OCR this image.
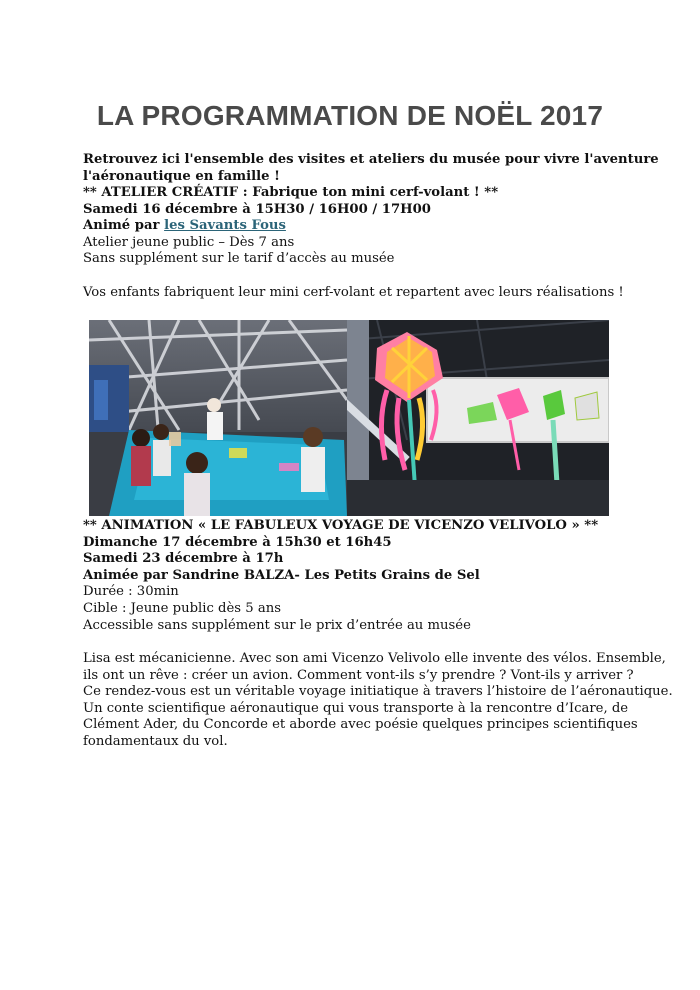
LA PROGRAMMATION DE NOËL 2017
Retrouvez ici l'ensemble des visites et ateliers du musée pour vivre l'aventure
l'aéronautique en famille !
** ATELIER CRÉATIF : Fabrique ton mini cerf-volant ! **
Samedi 16 décembre à 15H30 / 16H00 / 17H00
Animé par les Savants Fous
Atelier jeune public – Dès 7 ans
Sans supplément sur le tarif d’accès au musée
Vos enfants fabriquent leur mini cerf-volant et repartent avec leurs réalisations !
** ANIMATION « LE FABULEUX VOYAGE DE VICENZO VELIVOLO » **
Dimanche 17 décembre à 15h30 et 16h45
Samedi 23 décembre à 17h
Animée par Sandrine BALZA- Les Petits Grains de Sel
Durée : 30min
Cible : Jeune public dès 5 ans
Accessible sans supplément sur le prix d’entrée au musée
Lisa est mécanicienne. Avec son ami Vicenzo Velivolo elle invente des vélos. Ensemble,
ils ont un rêve : créer un avion. Comment vont-ils s’y prendre ? Vont-ils y arriver ?
Ce rendez-vous est un véritable voyage initiatique à travers l’histoire de l’aéronautique.
Un conte scientifique aéronautique qui vous transporte à la rencontre d’Icare, de
Clément Ader, du Concorde et aborde avec poésie quelques principes scientifiques
fondamentaux du vol.
